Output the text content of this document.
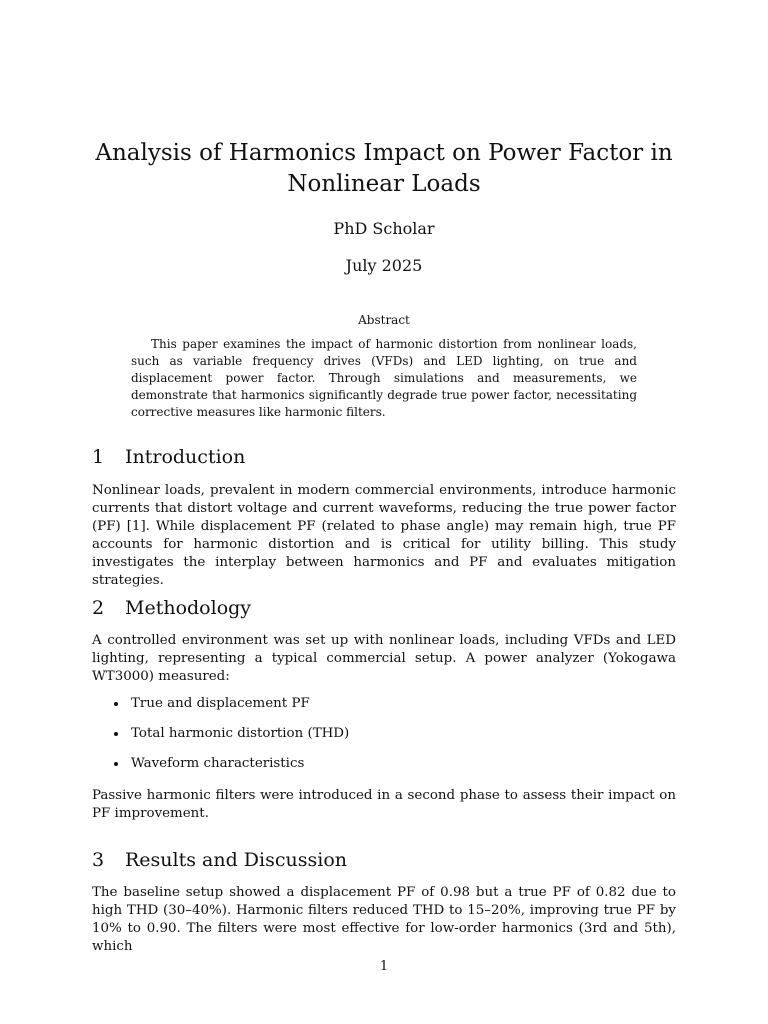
Analysis of Harmonics Impact on Power Factor in Nonlinear Loads
PhD Scholar
July 2025
Abstract

This paper examines the impact of harmonic distortion from nonlinear loads, such as variable frequency drives (VFDs) and LED lighting, on true and displacement power factor. Through simulations and measurements, we demonstrate that harmonics significantly degrade true power factor, necessitating corrective measures like harmonic filters.

1 Introduction

Nonlinear loads, prevalent in modern commercial environments, introduce harmonic currents that distort voltage and current waveforms, reducing the true power factor (PF) [1]. While displacement PF (related to phase angle) may remain high, true PF accounts for harmonic distortion and is critical for utility billing. This study investigates the interplay between harmonics and PF and evaluates mitigation strategies.

2 Methodology

A controlled environment was set up with nonlinear loads, including VFDs and LED lighting, representing a typical commercial setup. A power analyzer (Yokogawa WT3000) measured:

True and displacement PF
Total harmonic distortion (THD)
Waveform characteristics

Passive harmonic filters were introduced in a second phase to assess their impact on PF improvement.

3 Results and Discussion

The baseline setup showed a displacement PF of 0.98 but a true PF of 0.82 due to high THD (30–40%). Harmonic filters reduced THD to 15–20%, improving true PF by 10% to 0.90. The filters were most effective for low-order harmonics (3rd and 5th), which

1
